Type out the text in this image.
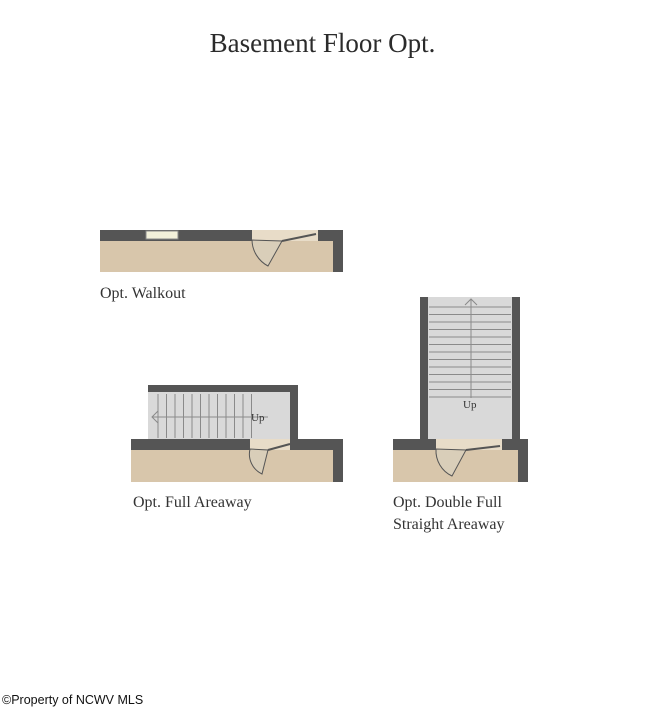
Basement Floor Opt.
Up
Up
Opt. Walkout
Opt. Full Areaway	Opt. Double Full
Straight Areaway
©Property of NCWV MLS
